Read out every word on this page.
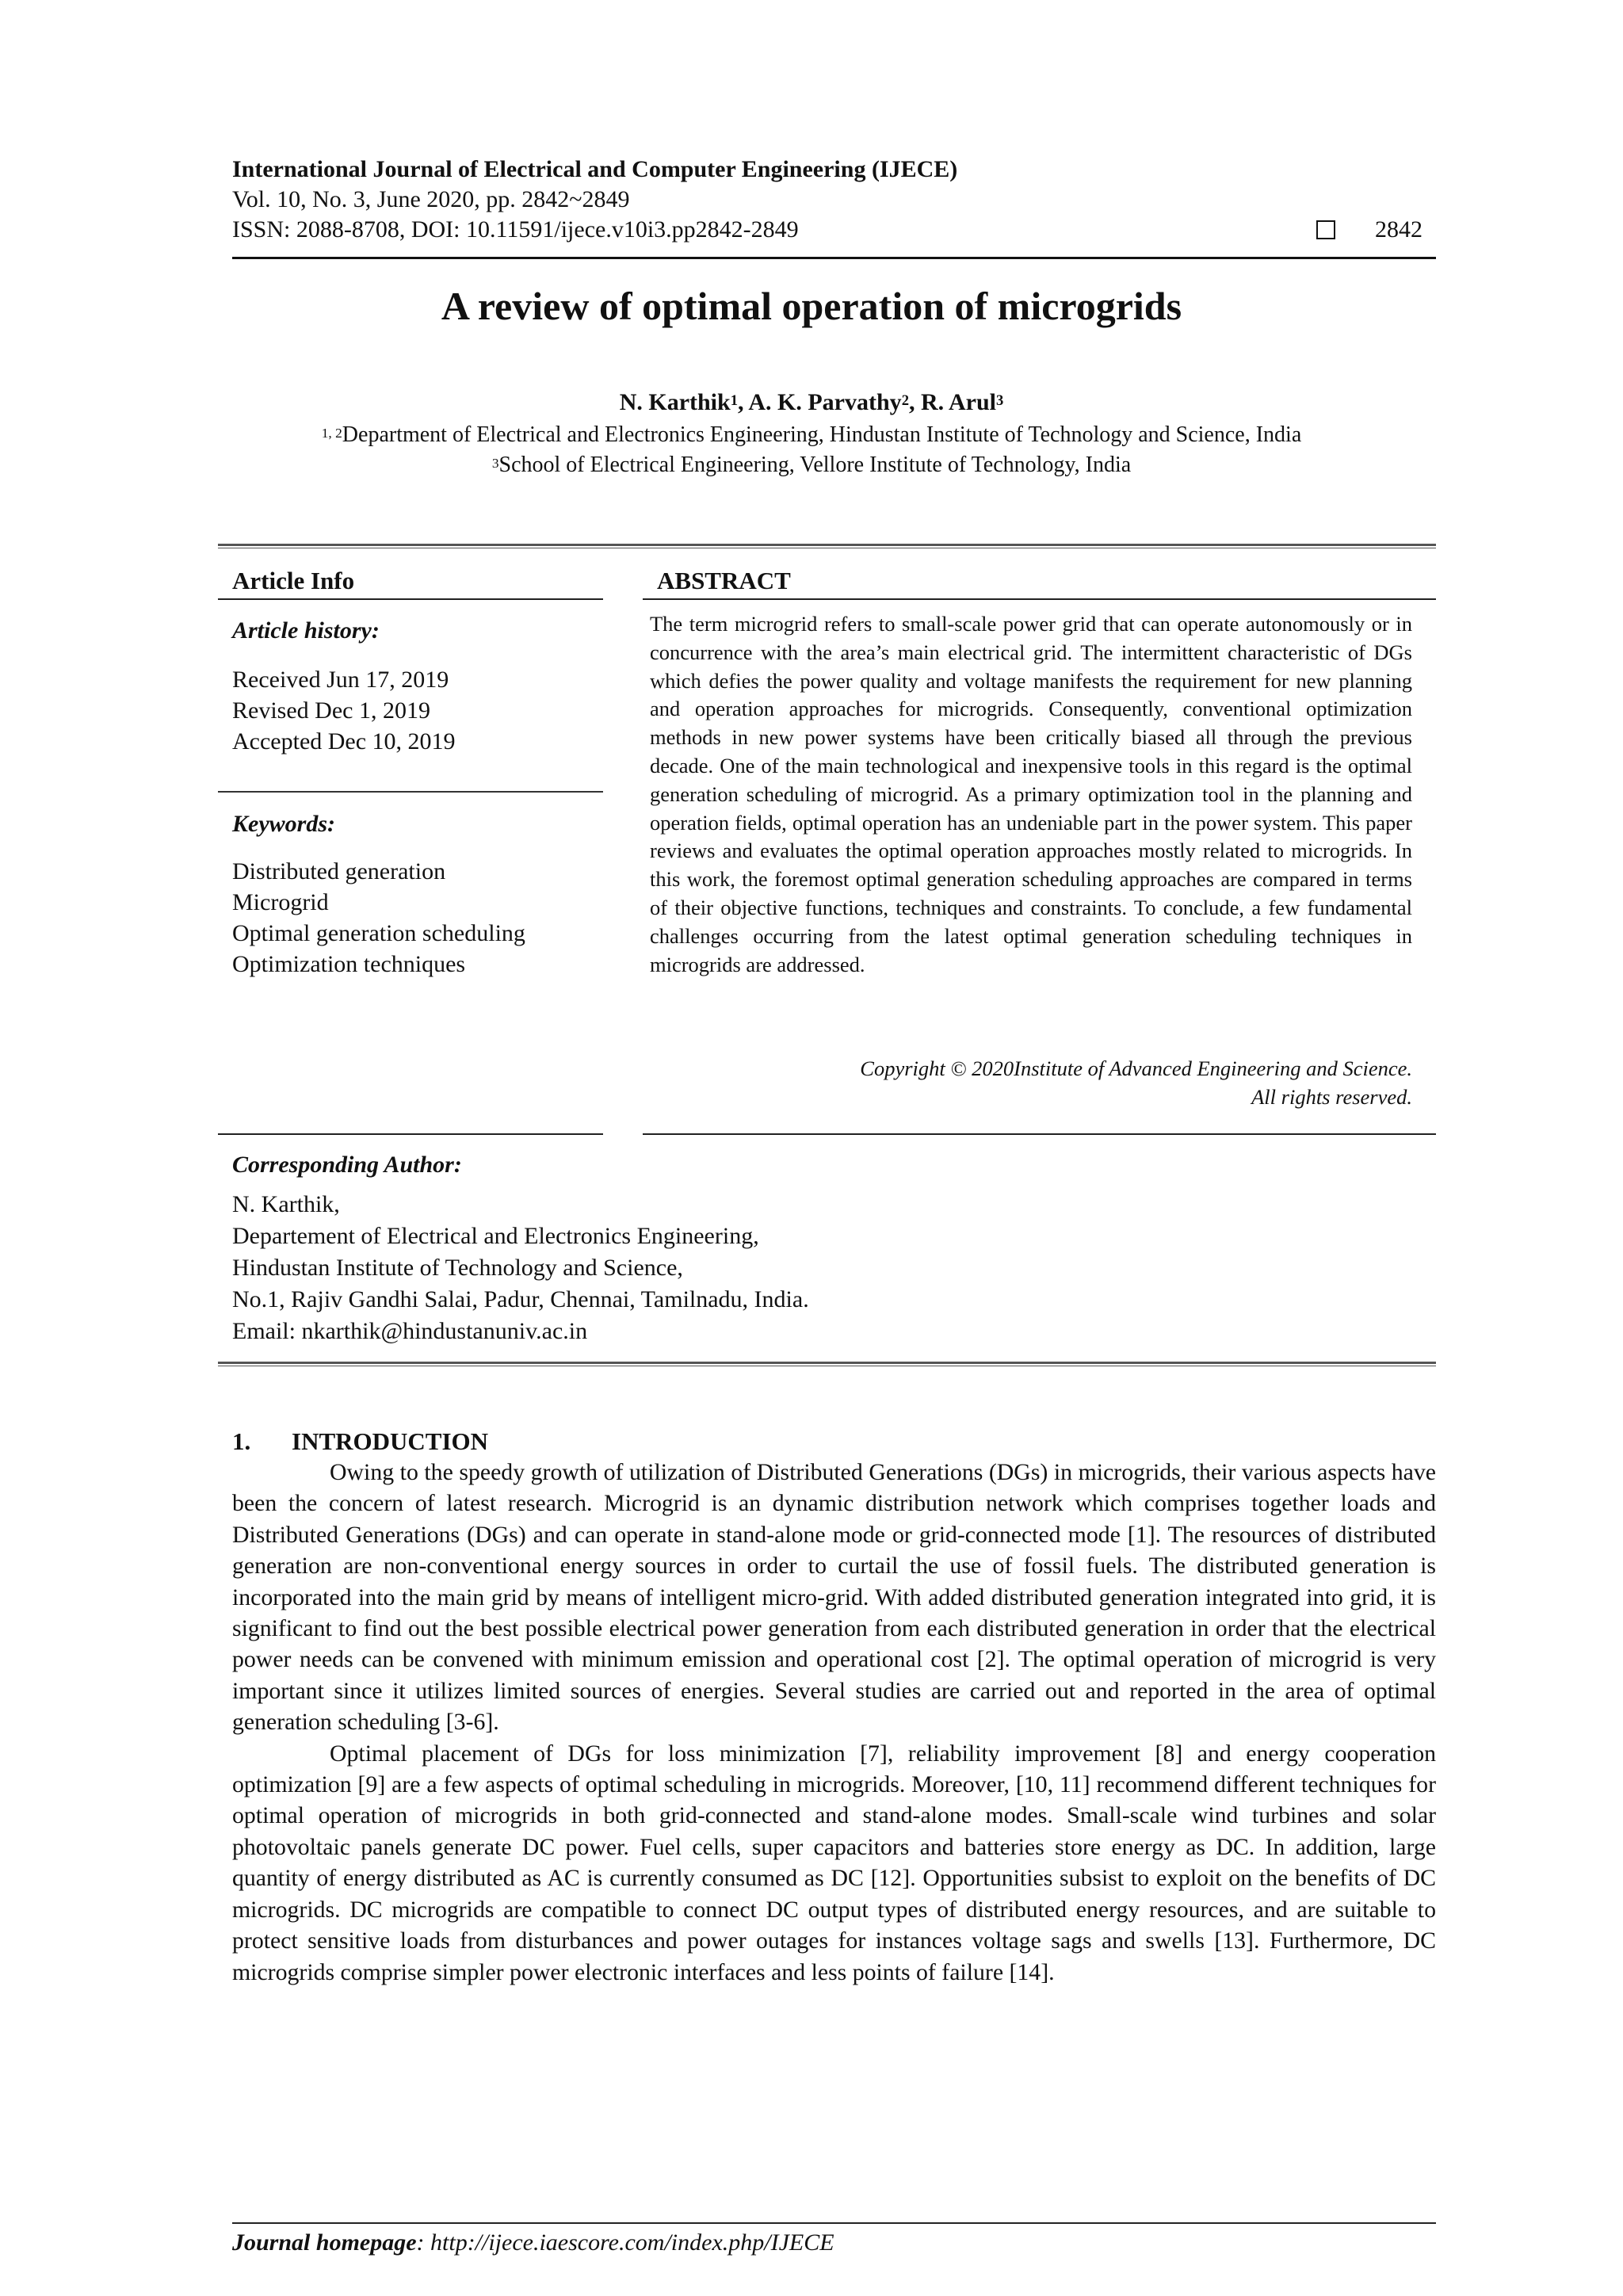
International Journal of Electrical and Computer Engineering (IJECE)
Vol. 10, No. 3, June 2020, pp. 2842~2849
ISSN: 2088-8708, DOI: 10.11591/ijece.v10i3.pp2842-2849	2842
A review of optimal operation of microgrids
N. Karthik$^1$, A. K. Parvathy$^2$, R. Arul$^3$
$^{1, 2}$Department of Electrical and Electronics Engineering, Hindustan Institute of Technology and Science, India
$^3$School of Electrical Engineering, Vellore Institute of Technology, India
Article Info
Article history:
Received Jun 17, 2019
Revised Dec 1, 2019
Accepted Dec 10, 2019
Keywords:
Distributed generation
Microgrid
Optimal generation scheduling
Optimization techniques
ABSTRACT
The term microgrid refers to small-scale power grid that can operate autonomously or in concurrence with the area’s main electrical grid. The intermittent characteristic of DGs which defies the power quality and voltage manifests the requirement for new planning and operation approaches for microgrids. Consequently, conventional optimization methods in new power systems have been critically biased all through the previous decade. One of the main technological and inexpensive tools in this regard is the optimal generation scheduling of microgrid. As a primary optimization tool in the planning and operation fields, optimal operation has an undeniable part in the power system. This paper reviews and evaluates the optimal operation approaches mostly related to microgrids. In this work, the foremost optimal generation scheduling approaches are compared in terms of their objective functions, techniques and constraints. To conclude, a few fundamental challenges occurring from the latest optimal generation scheduling techniques in microgrids are addressed.
Copyright © 2020Institute of Advanced Engineering and Science.
All rights reserved.
Corresponding Author:
N. Karthik,
Departement of Electrical and Electronics Engineering,
Hindustan Institute of Technology and Science,
No.1, Rajiv Gandhi Salai, Padur, Chennai, Tamilnadu, India.
Email: nkarthik@hindustanuniv.ac.in
1. INTRODUCTION

Owing to the speedy growth of utilization of Distributed Generations (DGs) in microgrids, their various aspects have been the concern of latest research. Microgrid is an dynamic distribution network which comprises together loads and Distributed Generations (DGs) and can operate in stand-alone mode or grid-connected mode [1]. The resources of distributed generation are non-conventional energy sources in order to curtail the use of fossil fuels. The distributed generation is incorporated into the main grid by means of intelligent micro-grid. With added distributed generation integrated into grid, it is significant to find out the best possible electrical power generation from each distributed generation in order that the electrical power needs can be convened with minimum emission and operational cost [2]. The optimal operation of microgrid is very important since it utilizes limited sources of energies. Several studies are carried out and reported in the area of optimal generation scheduling [3-6].

Optimal placement of DGs for loss minimization [7], reliability improvement [8] and energy cooperation optimization [9] are a few aspects of optimal scheduling in microgrids. Moreover, [10, 11] recommend different techniques for optimal operation of microgrids in both grid-connected and stand-alone modes. Small-scale wind turbines and solar photovoltaic panels generate DC power. Fuel cells, super capacitors and batteries store energy as DC. In addition, large quantity of energy distributed as AC is currently consumed as DC [12]. Opportunities subsist to exploit on the benefits of DC microgrids. DC microgrids are compatible to connect DC output types of distributed energy resources, and are suitable to protect sensitive loads from disturbances and power outages for instances voltage sags and swells [13]. Furthermore, DC microgrids comprise simpler power electronic interfaces and less points of failure [14].

Journal homepage: http://ijece.iaescore.com/index.php/IJECE
